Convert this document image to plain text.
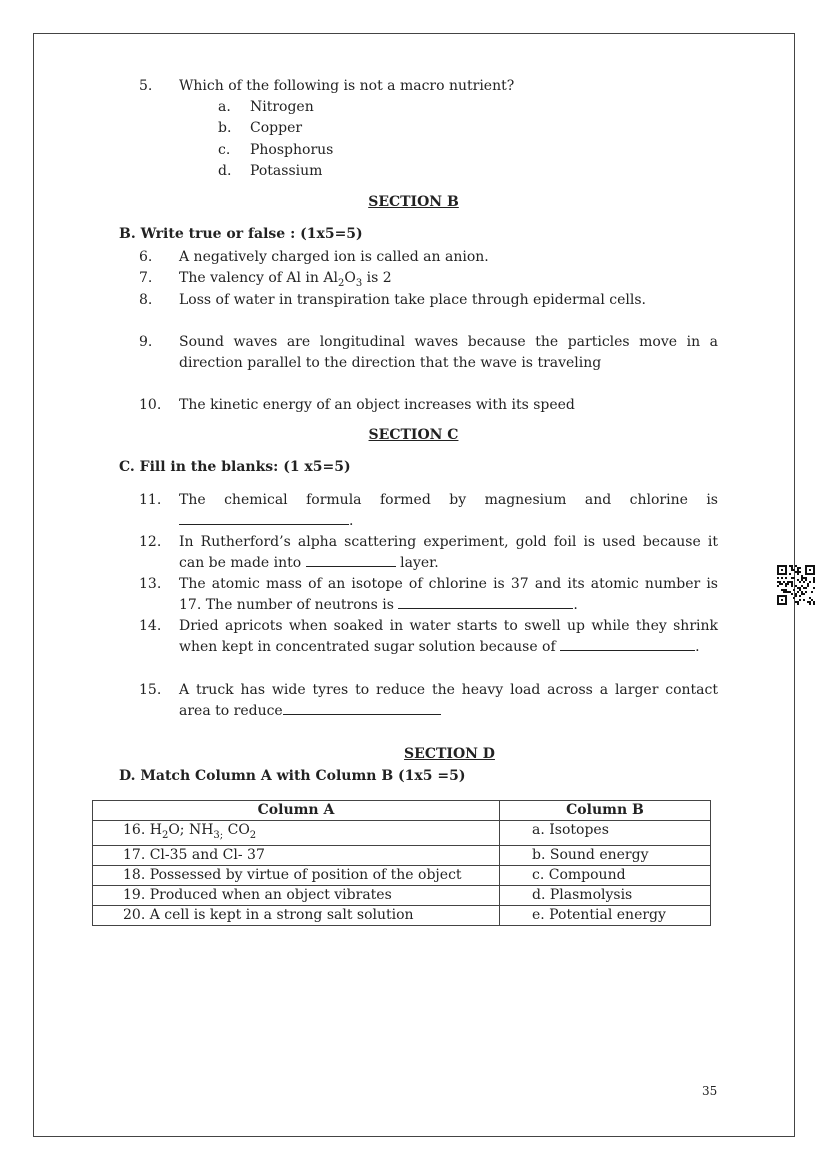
5.	Which of the following is not a macro nutrient?
a. Nitrogen
b. Copper
c. Phosphorus
d. Potassium
SECTION B
B. Write true or false : (1x5=5)
6.	A negatively charged ion is called an anion.
7.	The valency of Al in $Al_2O_3$ is 2
8.	Loss of water in transpiration take place through epidermal cells.
9.	Sound waves are longitudinal waves because the particles move in a direction parallel to the direction that the wave is traveling
10.	The kinetic energy of an object increases with its speed
SECTION C
C. Fill in the blanks: (1 x5=5)
11.	The chemical formula formed by magnesium and chlorine is .
12.	In Rutherford’s alpha scattering experiment, gold foil is used because it can be made into	layer.
13.	The atomic mass of an isotope of chlorine is 37 and its atomic number is 17. The number of neutrons is	.
14.	Dried apricots when soaked in water starts to swell up while they shrink when kept in concentrated sugar solution because of	.
15.	A truck has wide tyres to reduce the heavy load across a larger contact area to reduce
SECTION D
D. Match Column A with Column B (1x5 =5)
Column A	Column B
16. $H_2O$; $NH_{3;}$ $CO_2$	a. Isotopes
17. Cl-35 and Cl- 37	b. Sound energy
18. Possessed by virtue of position of the object	c. Compound
19. Produced when an object vibrates	d. Plasmolysis
20. A cell is kept in a strong salt solution	e. Potential energy
35
